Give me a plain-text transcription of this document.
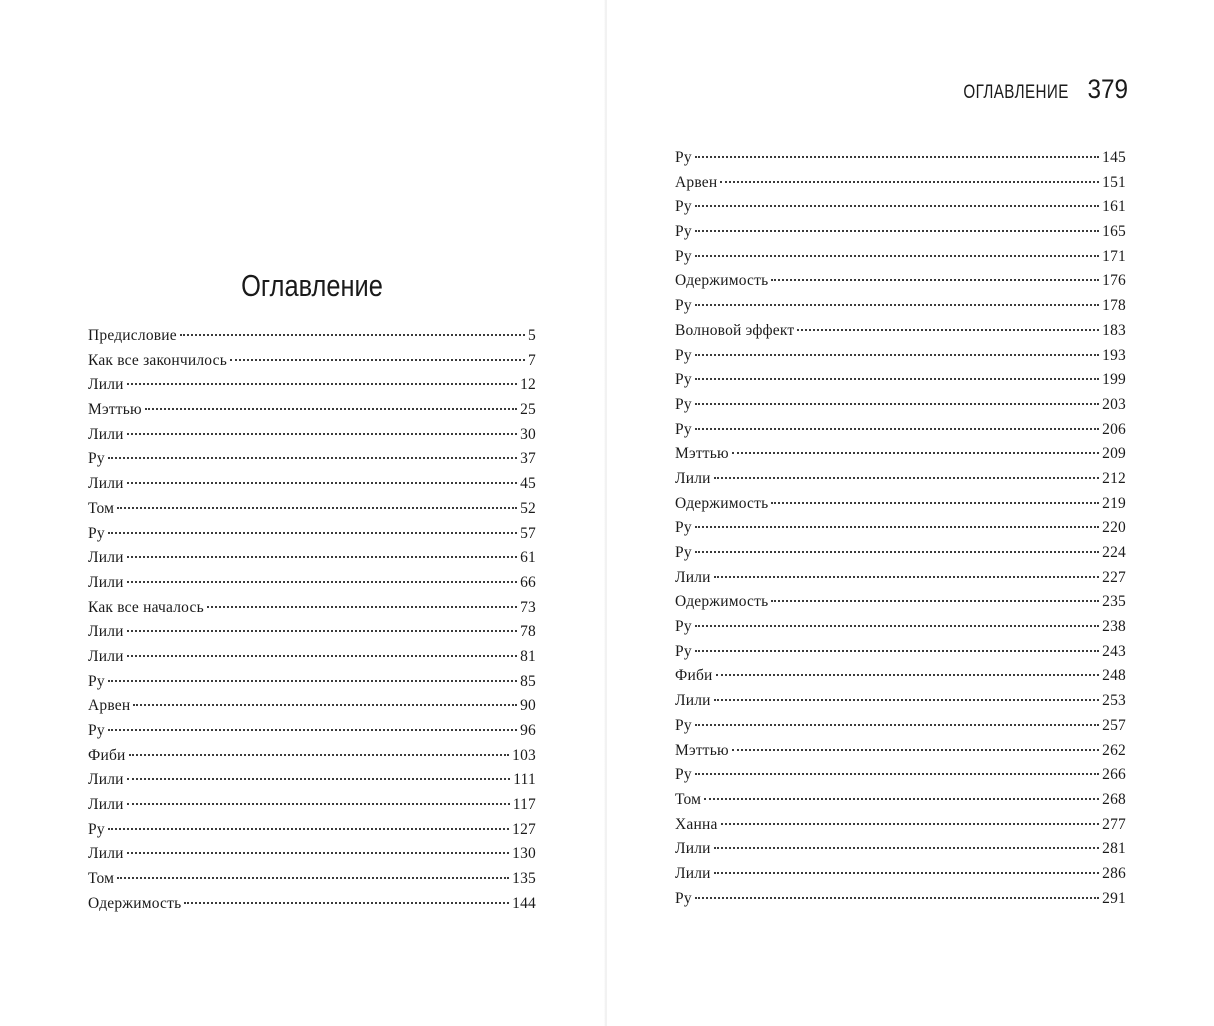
Оглавление
Предисловие	5
Как все закончилось	7
Лили	12
Мэттью	25
Лили	30
Ру	37
Лили	45
Том	52
Ру	57
Лили	61
Лили	66
Как все началось	73
Лили	78
Лили	81
Ру	85
Арвен	90
Ру	96
Фиби	103
Лили	111
Лили	117
Ру	127
Лили	130
Том	135
Одержимость	144
ОГЛАВЛЕНИЕ 379
Ру	145
Арвен	151
Ру	161
Ру	165
Ру	171
Одержимость	176
Ру	178
Волновой эффект	183
Ру	193
Ру	199
Ру	203
Ру	206
Мэттью	209
Лили	212
Одержимость	219
Ру	220
Ру	224
Лили	227
Одержимость	235
Ру	238
Ру	243
Фиби	248
Лили	253
Ру	257
Мэттью	262
Ру	266
Том	268
Ханна	277
Лили	281
Лили	286
Ру	291
